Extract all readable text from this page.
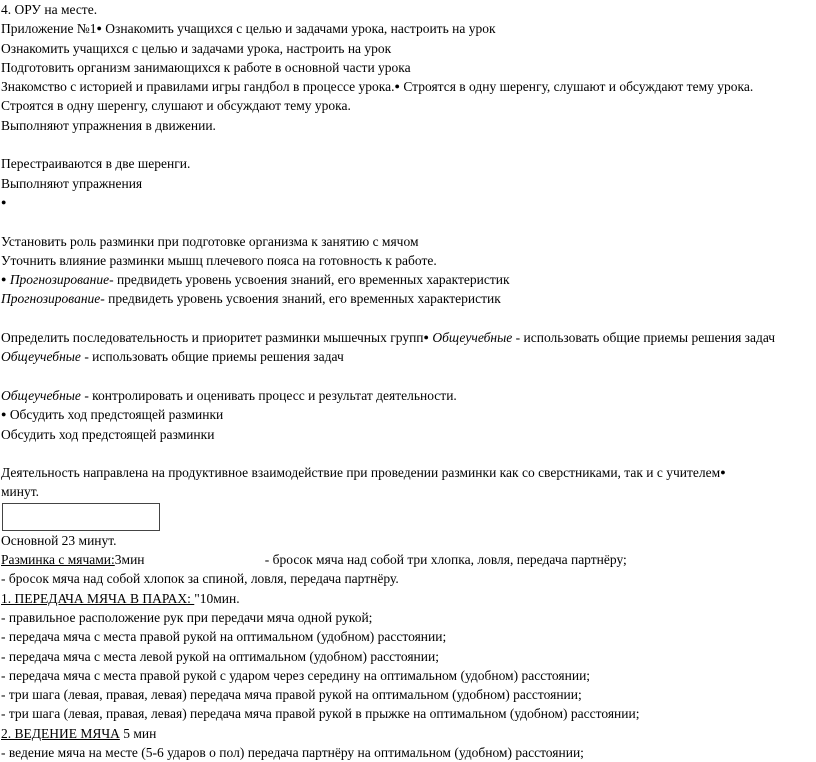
4. ОРУ на месте.
Приложение №1● Ознакомить учащихся с целью и задачами урока, настроить на урок
Ознакомить учащихся с целью и задачами урока, настроить на урок
Подготовить организм занимающихся к работе в основной части урока
Знакомство с историей и правилами игры гандбол в процессе урока.● Строятся в одну шеренгу, слушают и обсуждают тему урока.
Строятся в одну шеренгу, слушают и обсуждают тему урока.
Выполняют упражнения в движении.
Перестраиваются в две шеренги.
Выполняют упражнения
●
Установить роль разминки при подготовке организма к занятию с мячом
Уточнить влияние разминки мышц плечевого пояса на готовность к работе.
● Прогнозирование- предвидеть уровень усвоения знаний, его временных характеристик
Прогнозирование- предвидеть уровень усвоения знаний, его временных характеристик
Определить последовательность и приоритет разминки мышечных групп● Общеучебные - использовать общие приемы решения задач
Общеучебные - использовать общие приемы решения задач
Общеучебные - контролировать и оценивать процесс и результат деятельности.
● Обсудить ход предстоящей разминки
Обсудить ход предстоящей разминки
Деятельность направлена на продуктивное взаимодействие при проведении разминки как со сверстниками, так и с учителем●
минут.
Основной 23 минут.
Разминка с мячами:3мин	- бросок мяча над собой три хлопка, ловля, передача партнёру;
- бросок мяча над собой хлопок за спиной, ловля, передача партнёру.
1. ПЕРЕДАЧА МЯЧА В ПАРАХ: "10мин.
- правильное расположение рук при передачи мяча одной рукой;
- передача мяча с места правой рукой на оптимальном (удобном) расстоянии;
- передача мяча с места левой рукой на оптимальном (удобном) расстоянии;
- передача мяча с места правой рукой с ударом через середину на оптимальном (удобном) расстоянии;
- три шага (левая, правая, левая) передача мяча правой рукой на оптимальном (удобном) расстоянии;
- три шага (левая, правая, левая) передача мяча правой рукой в прыжке на оптимальном (удобном) расстоянии;
2. ВЕДЕНИЕ МЯЧА 5 мин
- ведение мяча на месте (5-6 ударов о пол) передача партнёру на оптимальном (удобном) расстоянии;
